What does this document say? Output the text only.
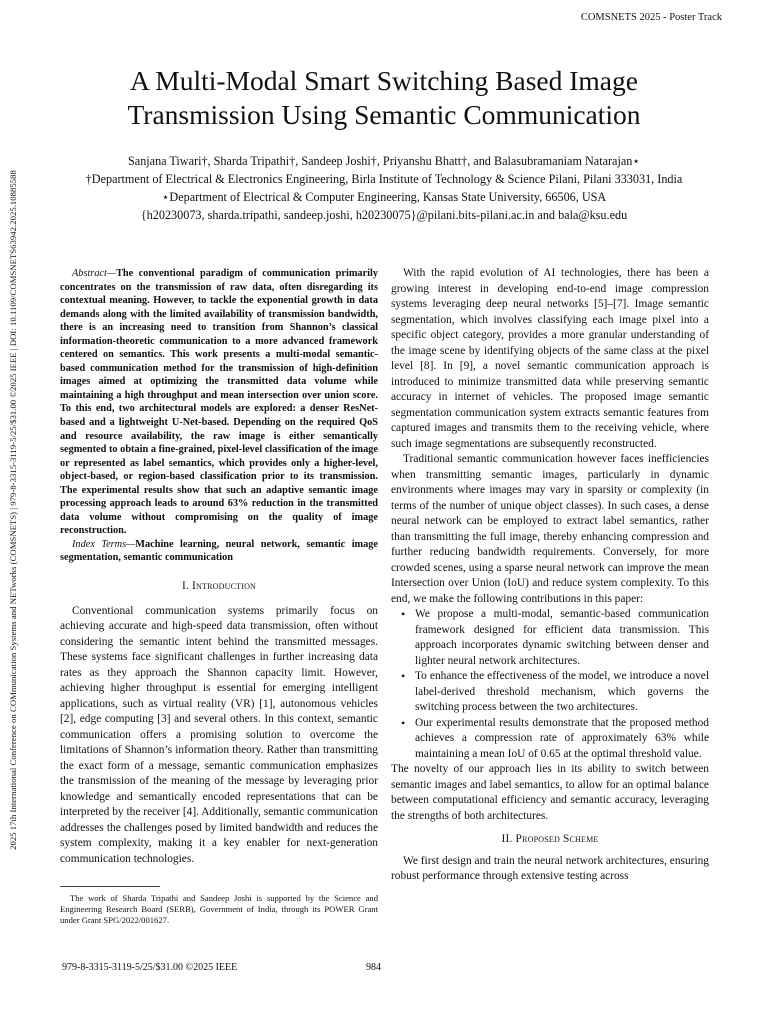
COMSNETS 2025 - Poster Track
2025 17th International Conference on COMmunication Systems and NETworks (COMSNETS) | 979-8-3315-3119-5/25/$31.00 ©2025 IEEE | DOI: 10.1109/COMSNETS63942.2025.10885588
A Multi-Modal Smart Switching Based Image
Transmission Using Semantic Communication
Sanjana Tiwari†, Sharda Tripathi†, Sandeep Joshi†, Priyanshu Bhatt†, and Balasubramaniam Natarajan⋆
†Department of Electrical & Electronics Engineering, Birla Institute of Technology & Science Pilani, Pilani 333031, India
⋆Department of Electrical & Computer Engineering, Kansas State University, 66506, USA
{h20230073, sharda.tripathi, sandeep.joshi, h20230075}@pilani.bits-pilani.ac.in and bala@ksu.edu

Abstract—The conventional paradigm of communication primarily concentrates on the transmission of raw data, often disregarding its contextual meaning. However, to tackle the exponential growth in data demands along with the limited availability of transmission bandwidth, there is an increasing need to transition from Shannon’s classical information-theoretic communication to a more advanced framework centered on semantics. This work presents a multi-modal semantic-based communication method for the transmission of high-definition images aimed at optimizing the transmitted data volume while maintaining a high throughput and mean intersection over union score. To this end, two architectural models are explored: a denser ResNet-based and a lightweight U-Net-based. Depending on the required QoS and resource availability, the raw image is either semantically segmented to obtain a fine-grained, pixel-level classification of the image or represented as label semantics, which provides only a higher-level, object-based, or region-based classification prior to its transmission. The experimental results show that such an adaptive semantic image processing approach leads to around 63% reduction in the transmitted data volume without compromising on the quality of image reconstruction.

Index Terms—Machine learning, neural network, semantic image segmentation, semantic communication

I. Introduction

Conventional communication systems primarily focus on achieving accurate and high-speed data transmission, often without considering the semantic intent behind the transmitted messages. These systems face significant challenges in further increasing data rates as they approach the Shannon capacity limit. However, achieving higher throughput is essential for emerging intelligent applications, such as virtual reality (VR) [1], autonomous vehicles [2], edge computing [3] and several others. In this context, semantic communication offers a promising solution to overcome the limitations of Shannon’s information theory. Rather than transmitting the exact form of a message, semantic communication emphasizes the transmission of the meaning of the message by leveraging prior knowledge and semantically encoded representations that can be interpreted by the receiver [4]. Additionally, semantic communication addresses the challenges posed by limited bandwidth and reduces the system complexity, making it a key enabler for next-generation communication technologies.

The work of Sharda Tripathi and Sandeep Joshi is supported by the Science and Engineering Research Board (SERB), Government of India, through its POWER Grant under Grant SPG/2022/001627.

With the rapid evolution of AI technologies, there has been a growing interest in developing end-to-end image compression systems leveraging deep neural networks [5]–[7]. Image semantic segmentation, which involves classifying each image pixel into a specific object category, provides a more granular understanding of the image scene by identifying objects of the same class at the pixel level [8]. In [9], a novel semantic communication approach is introduced to minimize transmitted data while preserving semantic accuracy in internet of vehicles. The proposed image semantic segmentation communication system extracts semantic features from captured images and transmits them to the receiving vehicle, where such image segmentations are subsequently reconstructed.

Traditional semantic communication however faces inefficiencies when transmitting semantic images, particularly in dynamic environments where images may vary in sparsity or complexity (in terms of the number of unique object classes). In such cases, a dense neural network can be employed to extract label semantics, rather than transmitting the full image, thereby enhancing compression and further reducing bandwidth requirements. Conversely, for more crowded scenes, using a sparse neural network can improve the mean Intersection over Union (IoU) and reduce system complexity. To this end, we make the following contributions in this paper:

• We propose a multi-modal, semantic-based communication framework designed for efficient data transmission. This approach incorporates dynamic switching between denser and lighter neural network architectures.
• To enhance the effectiveness of the model, we introduce a novel label-derived threshold mechanism, which governs the switching process between the two architectures.
• Our experimental results demonstrate that the proposed method achieves a compression rate of approximately 63% while maintaining a mean IoU of 0.65 at the optimal threshold value.

The novelty of our approach lies in its ability to switch between semantic images and label semantics, to allow for an optimal balance between computational efficiency and semantic accuracy, leveraging the strengths of both architectures.

II. Proposed Scheme

We first design and train the neural network architectures, ensuring robust performance through extensive testing across

979-8-3315-3119-5/25/$31.00 ©2025 IEEE	984
